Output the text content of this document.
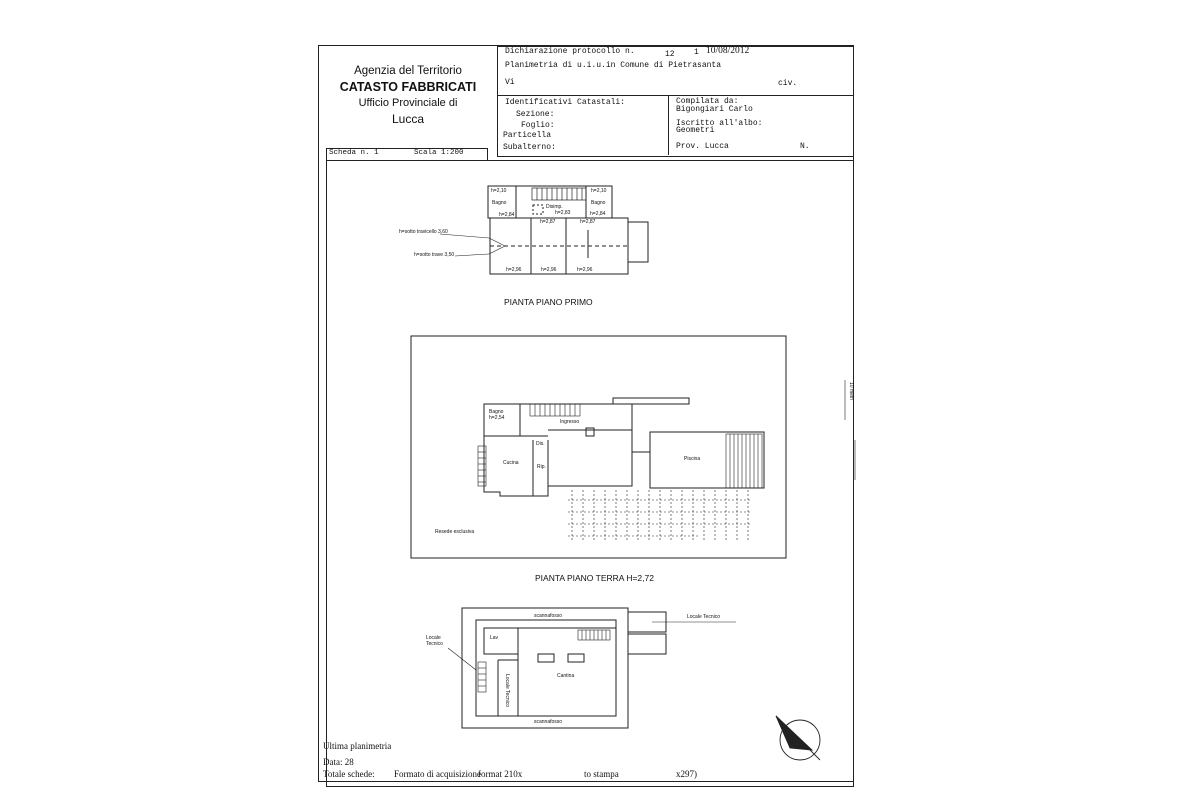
Agenzia del Territorio
CATASTO FABBRICATI
Ufficio Provinciale di
Lucca
Dichiarazione protocollo n.	12 1 10/08/2012
Planimetria di u.i.u.in Comune di Pietrasanta
Vi	civ.
Identificativi Catastali:
Sezione:
Foglio:
Particella
Subalterno:
Compilata da:
Bigongiari Carlo
Iscritto all'albo:
Geometri
Prov. Lucca	N.
Scheda n. 1	Scala 1:200
h=2,10	h=2,10
Bagno	Bagno
h=2,84	h=2,84
Disimp.
h=2,83
h=2,87	h=2,87
h=2,96	h=2,96	h=2,96
h=sotto travicello 3,60
h=sotto trave 3,50
PIANTA PIANO PRIMO
Bagno
h=2,54
Ingresso
Dis.
Cucina
Rip.
Piscina
Resede esclusiva
10 metri
PIANTA PIANO TERRA H=2,72
scannafosso
scannafosso
Lav
Cantina
Locale Tecnico
Locale Tecnico
Locale Tecnico
Ultima planimetria
Data: 28
Totale schede: Formato di acquisizione
format 210x	to stampa	x297)
